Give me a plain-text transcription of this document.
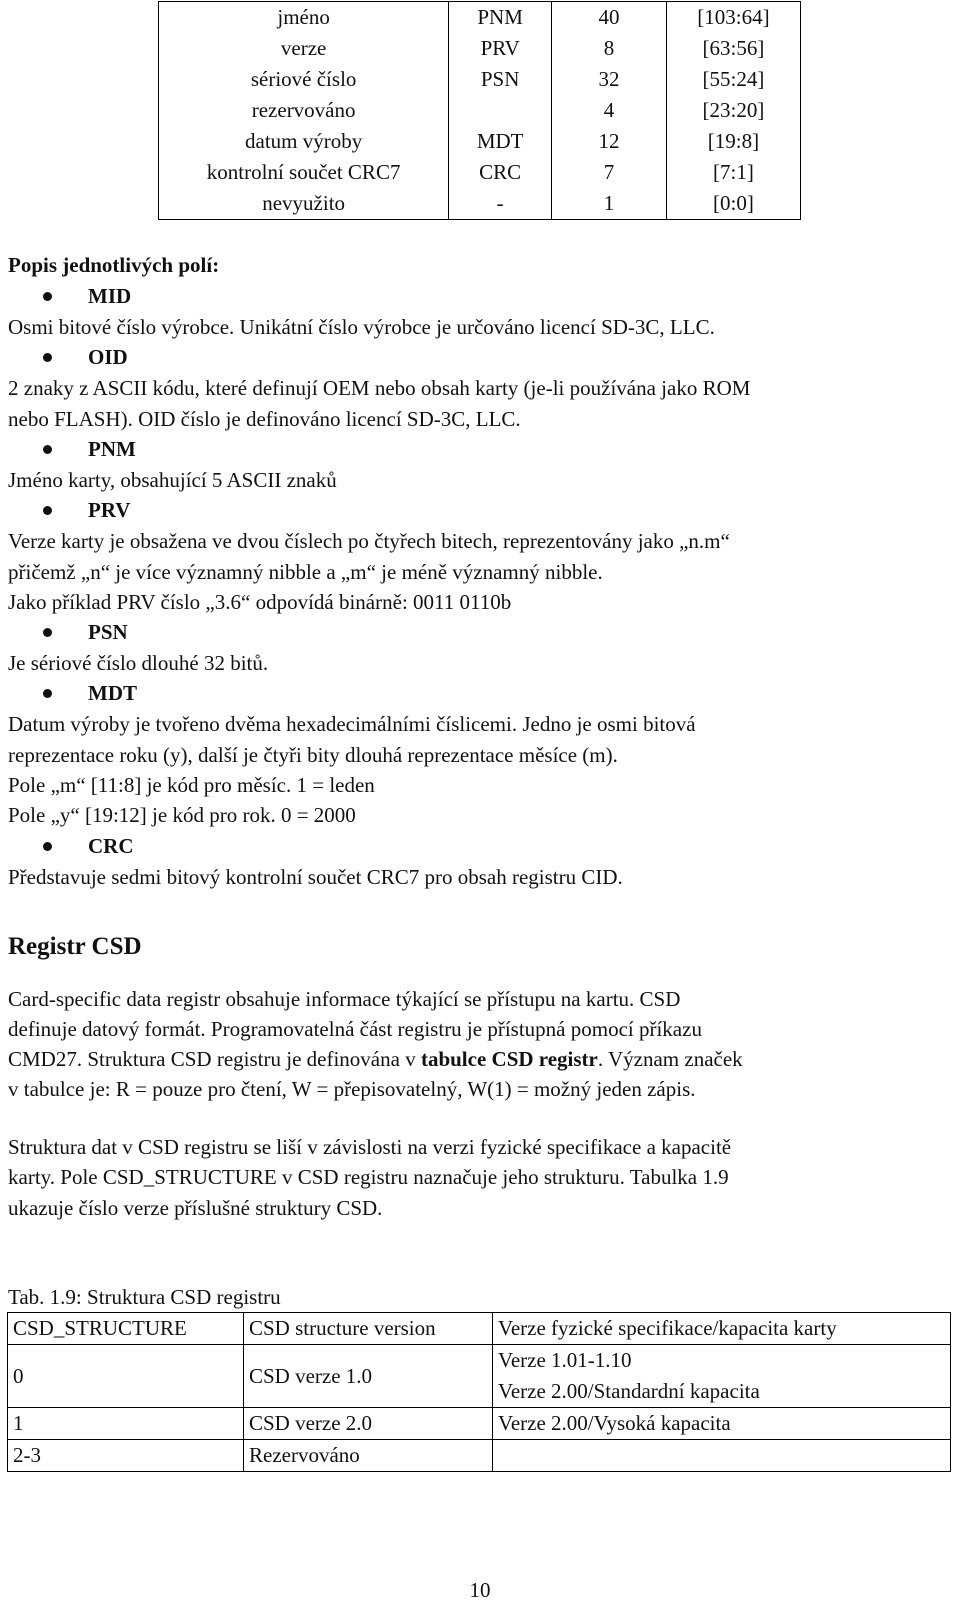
jméno	PNM	40	[103:64]
verze	PRV	8	[63:56]
sériové číslo	PSN	32	[55:24]
rezervováno		4	[23:20]
datum výroby	MDT	12	[19:8]
kontrolní součet CRC7	CRC	7	[7:1]
nevyužito	-	1	[0:0]
Popis jednotlivých polí:
MID
Osmi bitové číslo výrobce. Unikátní číslo výrobce je určováno licencí SD-3C, LLC.
OID
2 znaky z ASCII kódu, které definují OEM nebo obsah karty (je-li používána jako ROM
nebo FLASH). OID číslo je definováno licencí SD-3C, LLC.
PNM
Jméno karty, obsahující 5 ASCII znaků
PRV
Verze karty je obsažena ve dvou číslech po čtyřech bitech, reprezentovány jako „n.m“
přičemž „n“ je více významný nibble a „m“ je méně významný nibble.
Jako příklad PRV číslo „3.6“ odpovídá binárně: 0011 0110b
PSN
Je sériové číslo dlouhé 32 bitů.
MDT
Datum výroby je tvořeno dvěma hexadecimálními číslicemi. Jedno je osmi bitová
reprezentace roku (y), další je čtyři bity dlouhá reprezentace měsíce (m).
Pole „m“ [11:8] je kód pro měsíc. 1 = leden
Pole „y“ [19:12] je kód pro rok. 0 = 2000
CRC
Představuje sedmi bitový kontrolní součet CRC7 pro obsah registru CID.
Registr CSD
Card-specific data registr obsahuje informace týkající se přístupu na kartu. CSD
definuje datový formát. Programovatelná část registru je přístupná pomocí příkazu
CMD27. Struktura CSD registru je definována v tabulce CSD registr. Význam značek
v tabulce je: R = pouze pro čtení, W = přepisovatelný, W(1) = možný jeden zápis.
Struktura dat v CSD registru se liší v závislosti na verzi fyzické specifikace a kapacitě
karty. Pole CSD_STRUCTURE v CSD registru naznačuje jeho strukturu. Tabulka 1.9
ukazuje číslo verze příslušné struktury CSD.
Tab. 1.9: Struktura CSD registru
CSD_STRUCTURE	CSD structure version	Verze fyzické specifikace/kapacita karty
0	CSD verze 1.0	Verze 1.01-1.10
Verze 2.00/Standardní kapacita

1	CSD verze 2.0	Verze 2.00/Vysoká kapacita
2-3	Rezervováno	
10
